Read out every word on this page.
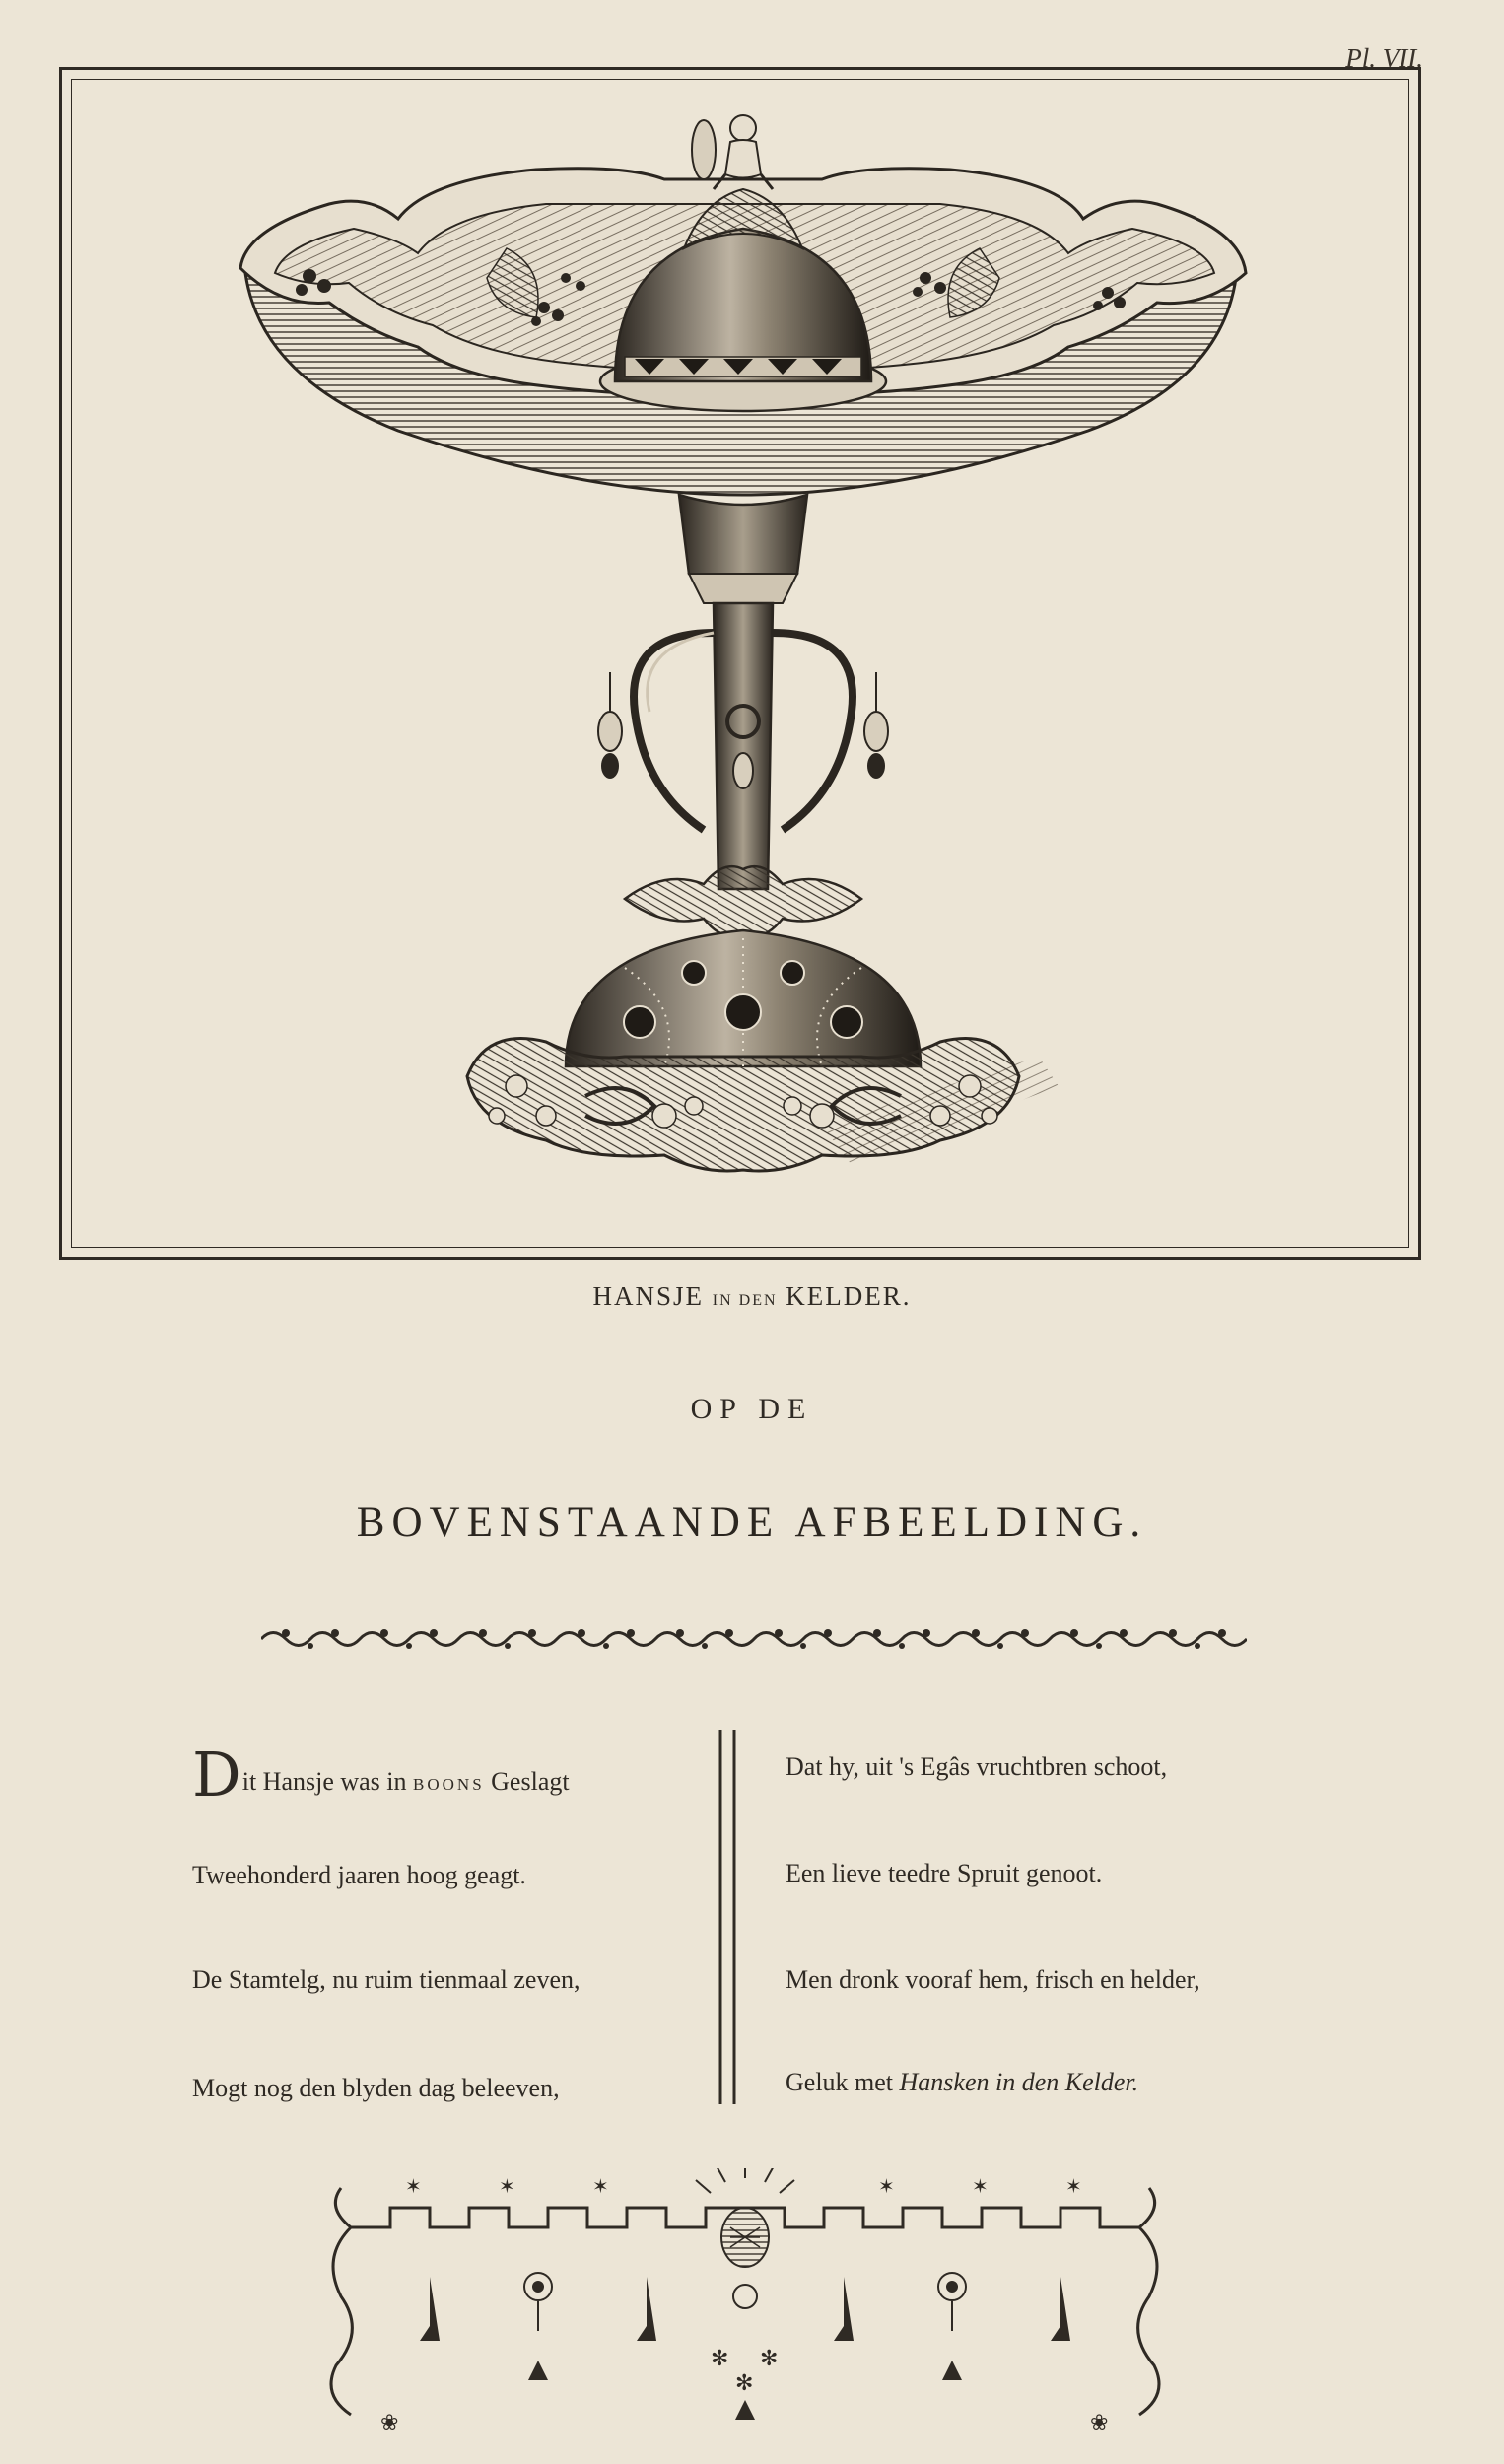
Pl. VII.
HANSJE IN DEN KELDER.
OP DE
BOVENSTAANDE AFBEELDING.
Dit Hansje was in BOONS Geslagt
Tweehonderd jaaren hoog geagt.
De Stamtelg, nu ruim tienmaal zeven,
Mogt nog den blyden dag beleeven,
Dat hy, uit 's Egâs vruchtbren schoot,
Een lieve teedre Spruit genoot.
Men dronk vooraf hem, frisch en helder,
Geluk met Hansken in den Kelder.
✶	✶	✶	✶	✶	✶
✻ ✻
✻
❀	❀
